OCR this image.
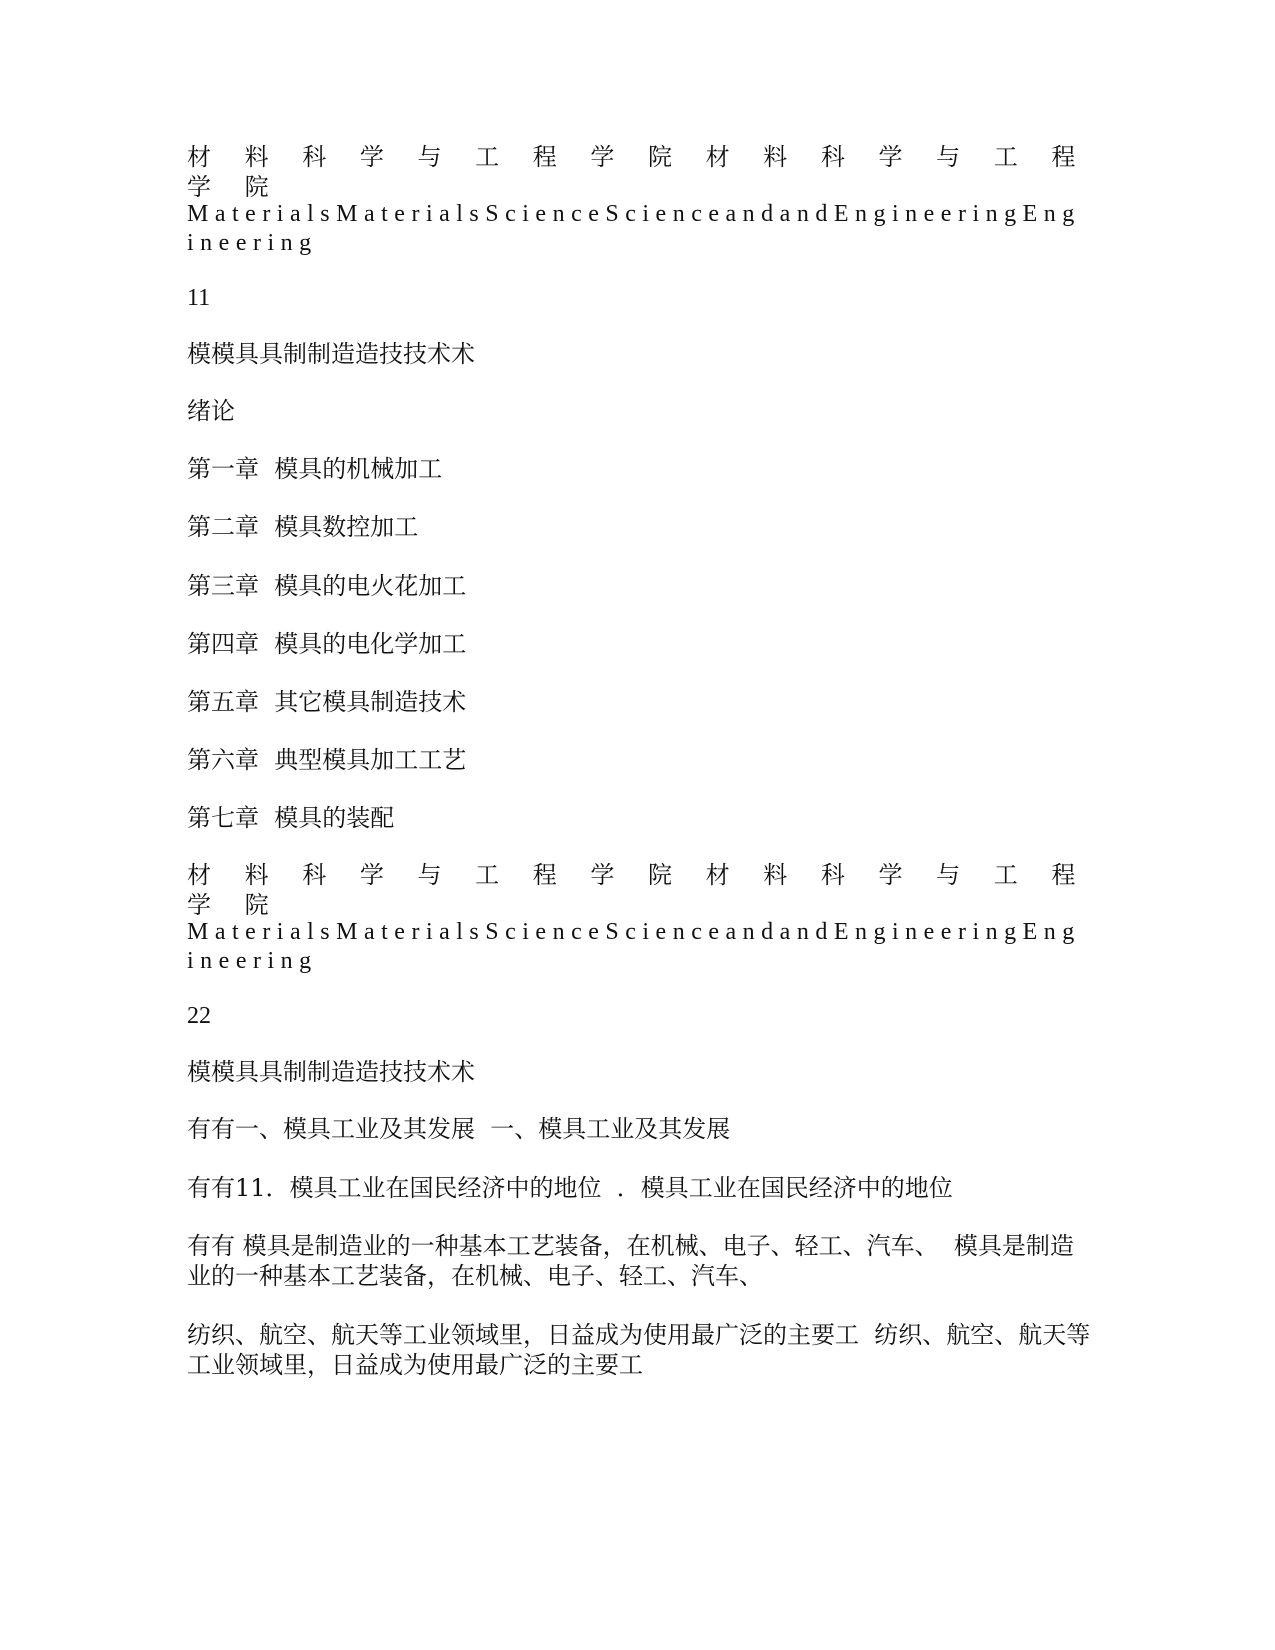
材 料 科 学 与 工 程 学 院 材 料 科 学 与 工 程 学 院

MaterialsMaterialsScienceScienceandandEngineeringEngineering

11

模模具具制制造造技技术术

绪论

第一章  模具的机械加工

第二章  模具数控加工

第三章  模具的电火花加工

第四章  模具的电化学加工

第五章  其它模具制造技术

第六章  典型模具加工工艺

第七章  模具的装配

材 料 科 学 与 工 程 学 院 材 料 科 学 与 工 程 学 院

MaterialsMaterialsScienceScienceandandEngineeringEngineering

22

模模具具制制造造技技术术

有有一、模具工业及其发展  一、模具工业及其发展

有有11．模具工业在国民经济中的地位  ．模具工业在国民经济中的地位

有有 模具是制造业的一种基本工艺装备，在机械、电子、轻工、汽车、  模具是制造业的一种基本工艺装备，在机械、电子、轻工、汽车、

纺织、航空、航天等工业领域里，日益成为使用最广泛的主要工  纺织、航空、航天等工业领域里，日益成为使用最广泛的主要工
